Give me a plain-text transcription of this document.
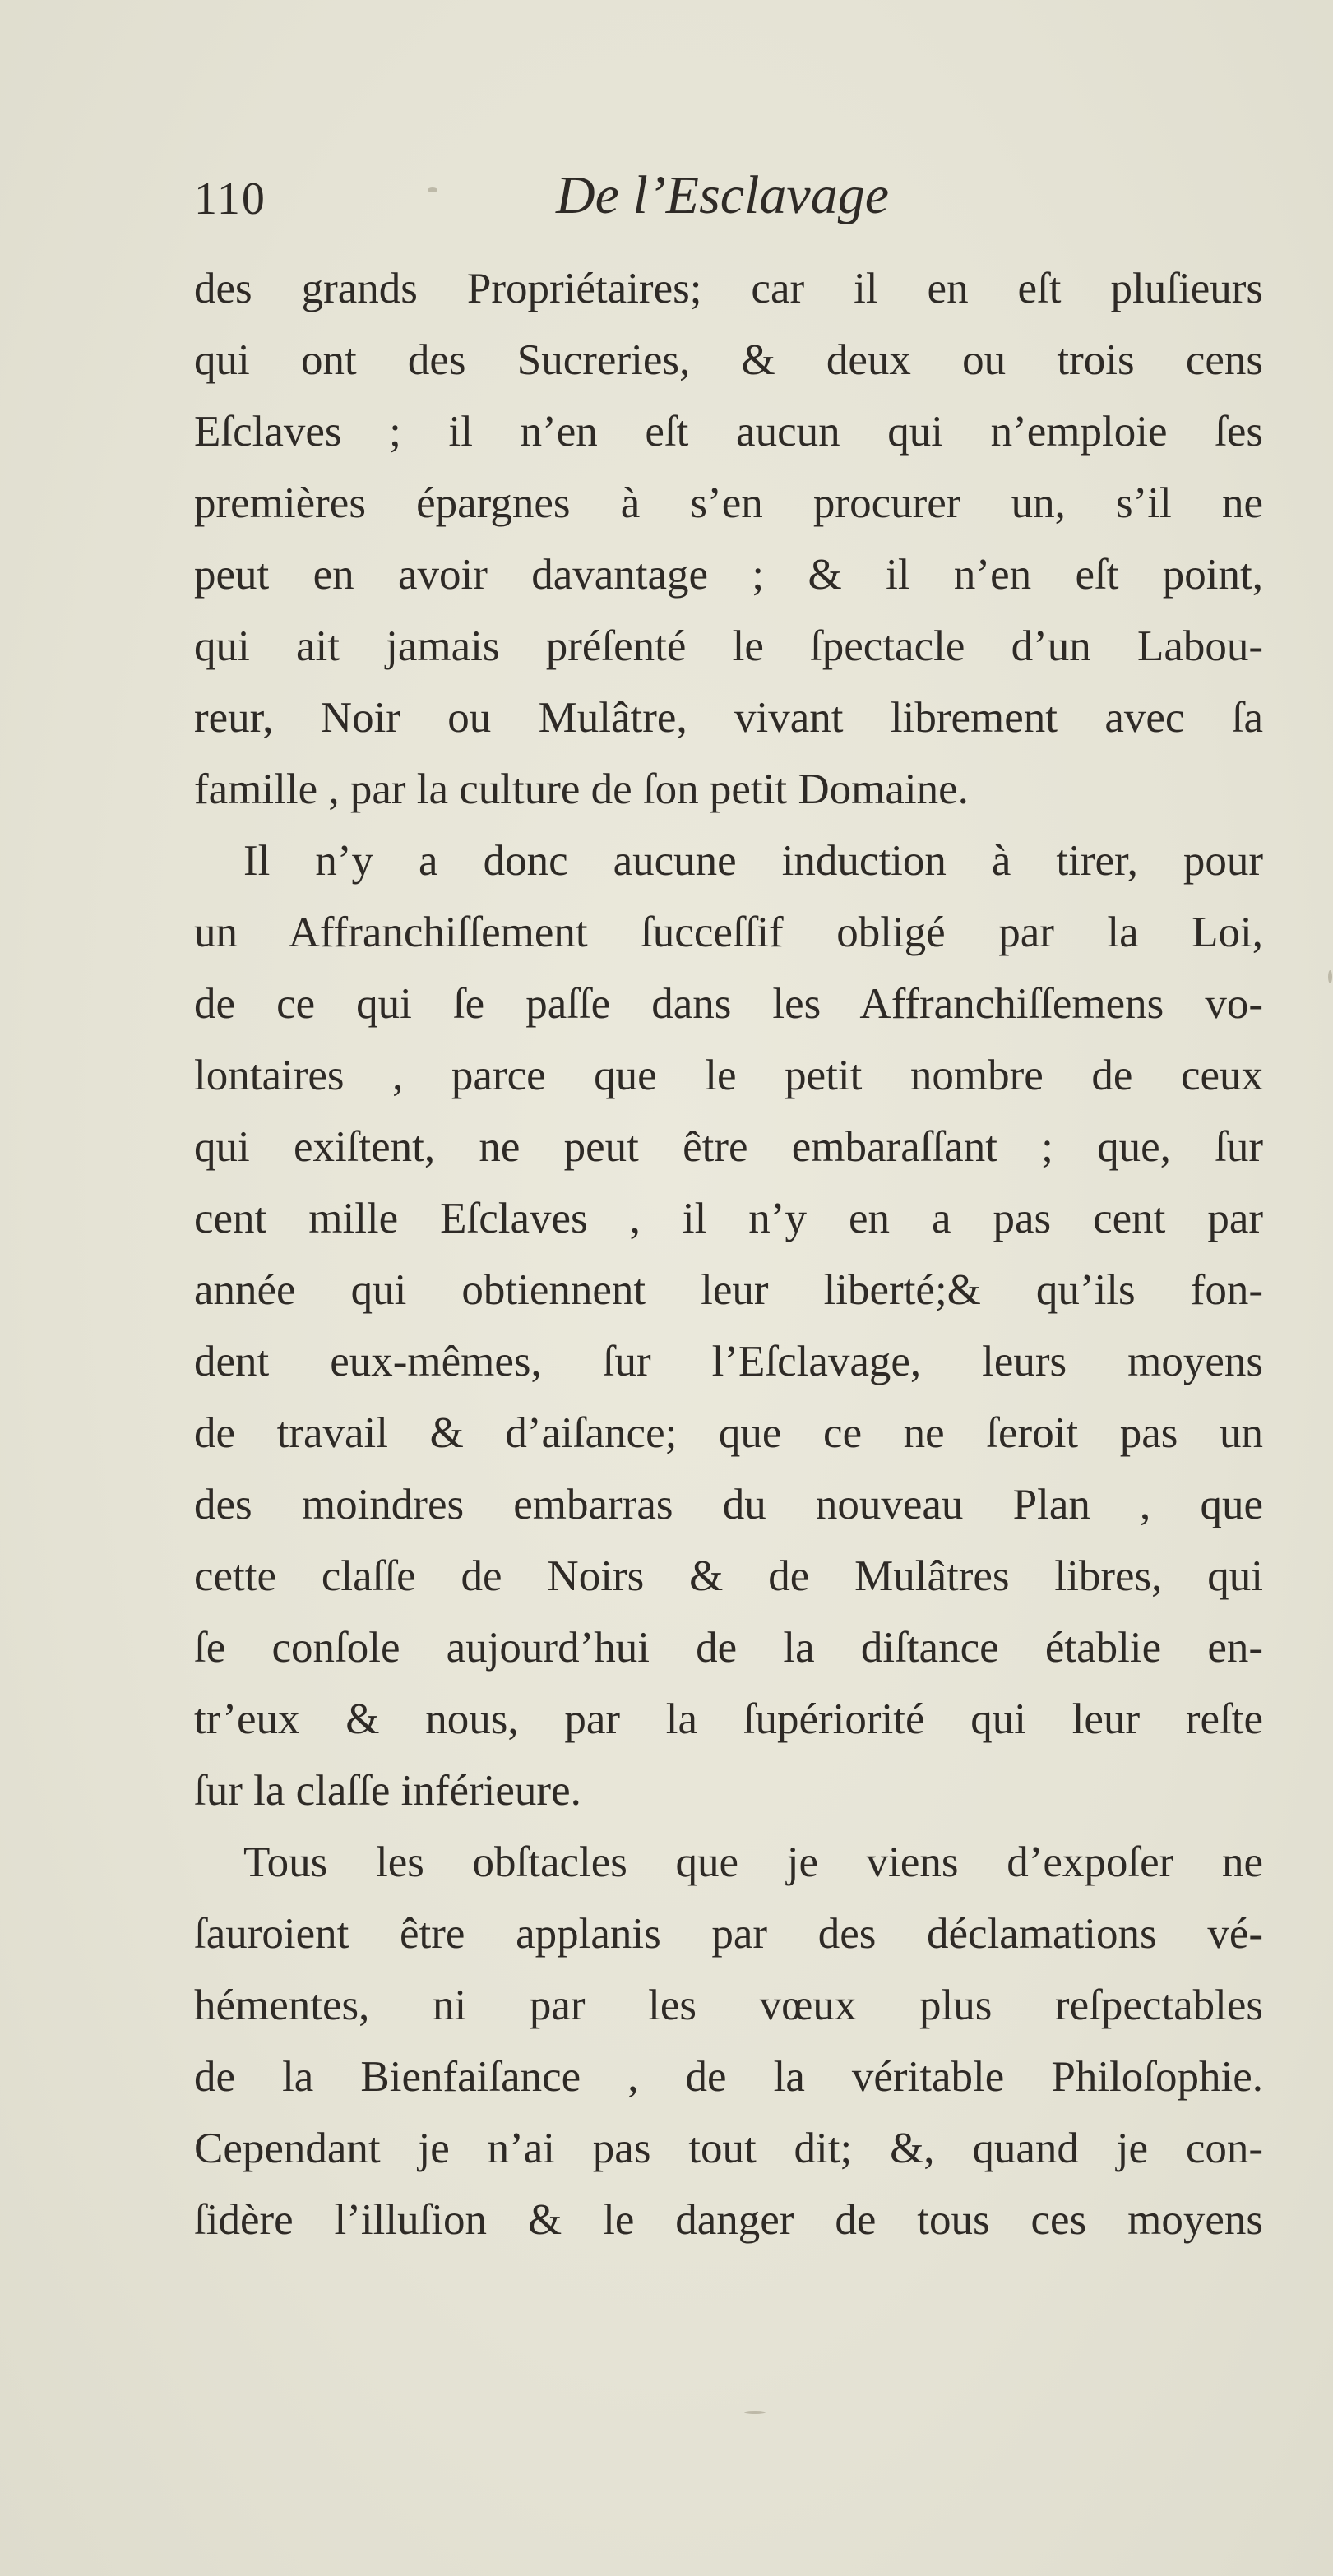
110	De l’Esclavage
des grands Propriétaires; car il en eſt pluſieurs
qui ont des Sucreries, & deux ou trois cens
Eſclaves ; il n’en eſt aucun qui n’emploie ſes
premières épargnes à s’en procurer un, s’il ne
peut en avoir davantage ; & il n’en eſt point,
qui ait jamais préſenté le ſpectacle d’un Labou-
reur, Noir ou Mulâtre, vivant librement avec ſa
famille , par la culture de ſon petit Domaine.
Il n’y a donc aucune induction à tirer, pour
un Affranchiſſement ſucceſſif obligé par la Loi,
de ce qui ſe paſſe dans les Affranchiſſemens vo-
lontaires , parce que le petit nombre de ceux
qui exiſtent, ne peut être embaraſſant ; que, ſur
cent mille Eſclaves , il n’y en a pas cent par
année qui obtiennent leur liberté;& qu’ils fon-
dent eux-mêmes, ſur l’Eſclavage, leurs moyens
de travail & d’aiſance; que ce ne ſeroit pas un
des moindres embarras du nouveau Plan , que
cette claſſe de Noirs & de Mulâtres libres, qui
ſe conſole aujourd’hui de la diſtance établie en-
tr’eux & nous, par la ſupériorité qui leur reſte
ſur la claſſe inférieure.
Tous les obſtacles que je viens d’expoſer ne
ſauroient être applanis par des déclamations vé-
hémentes, ni par les vœux plus reſpectables
de la Bienfaiſance , de la véritable Philoſophie.
Cependant je n’ai pas tout dit; &, quand je con-
ſidère l’illuſion & le danger de tous ces moyens
